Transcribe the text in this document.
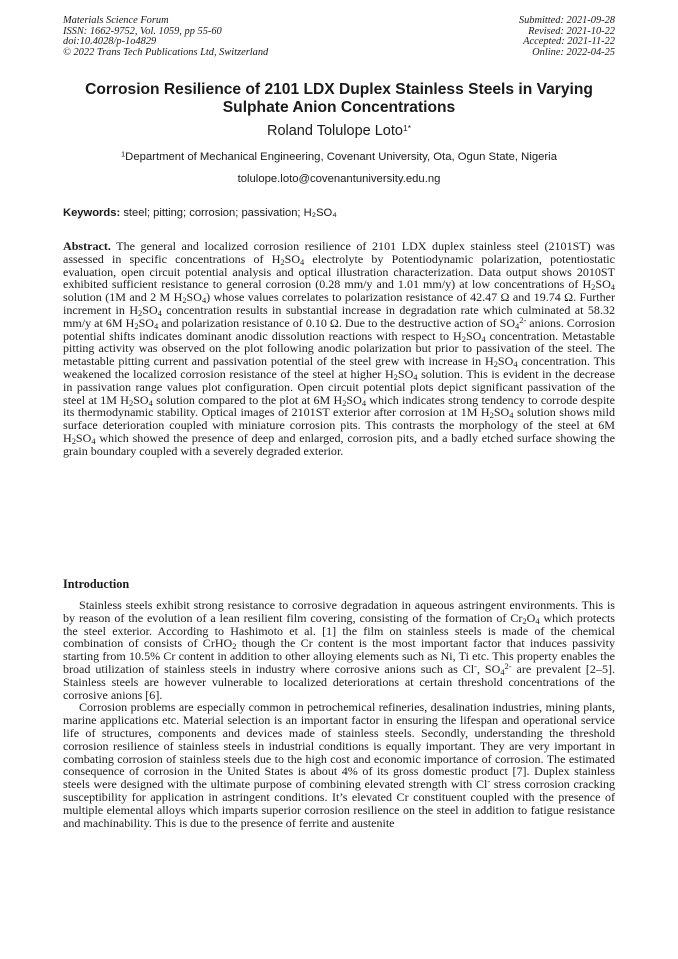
Materials Science Forum
ISSN: 1662-9752, Vol. 1059, pp 55-60
doi:10.4028/p-1o4829
© 2022 Trans Tech Publications Ltd, Switzerland
Submitted: 2021-09-28
Revised: 2021-10-22
Accepted: 2021-11-22
Online: 2022-04-25
Corrosion Resilience of 2101 LDX Duplex Stainless Steels in Varying
Sulphate Anion Concentrations
Roland Tolulope Loto$^{1*}$
$^1$Department of Mechanical Engineering, Covenant University, Ota, Ogun State, Nigeria
tolulope.loto@covenantuniversity.edu.ng
Keywords: steel; pitting; corrosion; passivation; H₂SO₄
Abstract. The general and localized corrosion resilience of 2101 LDX duplex stainless steel (2101ST) was assessed in specific concentrations of $H_2SO_4$ electrolyte by Potentiodynamic polarization, potentiostatic evaluation, open circuit potential analysis and optical illustration characterization. Data output shows 2010ST exhibited sufficient resistance to general corrosion (0.28 mm/y and 1.01 mm/y) at low concentrations of $H_2SO_4$ solution (1M and 2 M $H_2SO_4$) whose values correlates to polarization resistance of 42.47 Ω and 19.74 Ω. Further increment in $H_2SO_4$ concentration results in substantial increase in degradation rate which culminated at 58.32 mm/y at 6M $H_2SO_4$ and polarization resistance of 0.10 Ω. Due to the destructive action of $SO_4^{2-}$ anions. Corrosion potential shifts indicates dominant anodic dissolution reactions with respect to $H_2SO_4$ concentration. Metastable pitting activity was observed on the plot following anodic polarization but prior to passivation of the steel. The metastable pitting current and passivation potential of the steel grew with increase in $H_2SO_4$ concentration. This weakened the localized corrosion resistance of the steel at higher $H_2SO_4$ solution. This is evident in the decrease in passivation range values plot configuration. Open circuit potential plots depict significant passivation of the steel at 1M $H_2SO_4$ solution compared to the plot at 6M $H_2SO_4$ which indicates strong tendency to corrode despite its thermodynamic stability. Optical images of 2101ST exterior after corrosion at 1M $H_2SO_4$ solution shows mild surface deterioration coupled with miniature corrosion pits. This contrasts the morphology of the steel at 6M $H_2SO_4$ which showed the presence of deep and enlarged, corrosion pits, and a badly etched surface showing the grain boundary coupled with a severely degraded exterior.
Introduction

Stainless steels exhibit strong resistance to corrosive degradation in aqueous astringent environments. This is by reason of the evolution of a lean resilient film covering, consisting of the formation of $Cr_2O_4$ which protects the steel exterior. According to Hashimoto et al. [1] the film on stainless steels is made of the chemical combination of consists of CrHO$_2$ though the Cr content is the most important factor that induces passivity starting from 10.5% Cr content in addition to other alloying elements such as Ni, Ti etc. This property enables the broad utilization of stainless steels in industry where corrosive anions such as Cl-, $SO_4^{2-}$ are prevalent [2–5]. Stainless steels are however vulnerable to localized deteriorations at certain threshold concentrations of the corrosive anions [6].

Corrosion problems are especially common in petrochemical refineries, desalination industries, mining plants, marine applications etc. Material selection is an important factor in ensuring the lifespan and operational service life of structures, components and devices made of stainless steels. Secondly, understanding the threshold corrosion resilience of stainless steels in industrial conditions is equally important. They are very important in combating corrosion of stainless steels due to the high cost and economic importance of corrosion. The estimated consequence of corrosion in the United States is about 4% of its gross domestic product [7]. Duplex stainless steels were designed with the ultimate purpose of combining elevated strength with Cl- stress corrosion cracking susceptibility for application in astringent conditions. It’s elevated Cr constituent coupled with the presence of multiple elemental alloys which imparts superior corrosion resilience on the steel in addition to fatigue resistance and machinability. This is due to the presence of ferrite and austenite
